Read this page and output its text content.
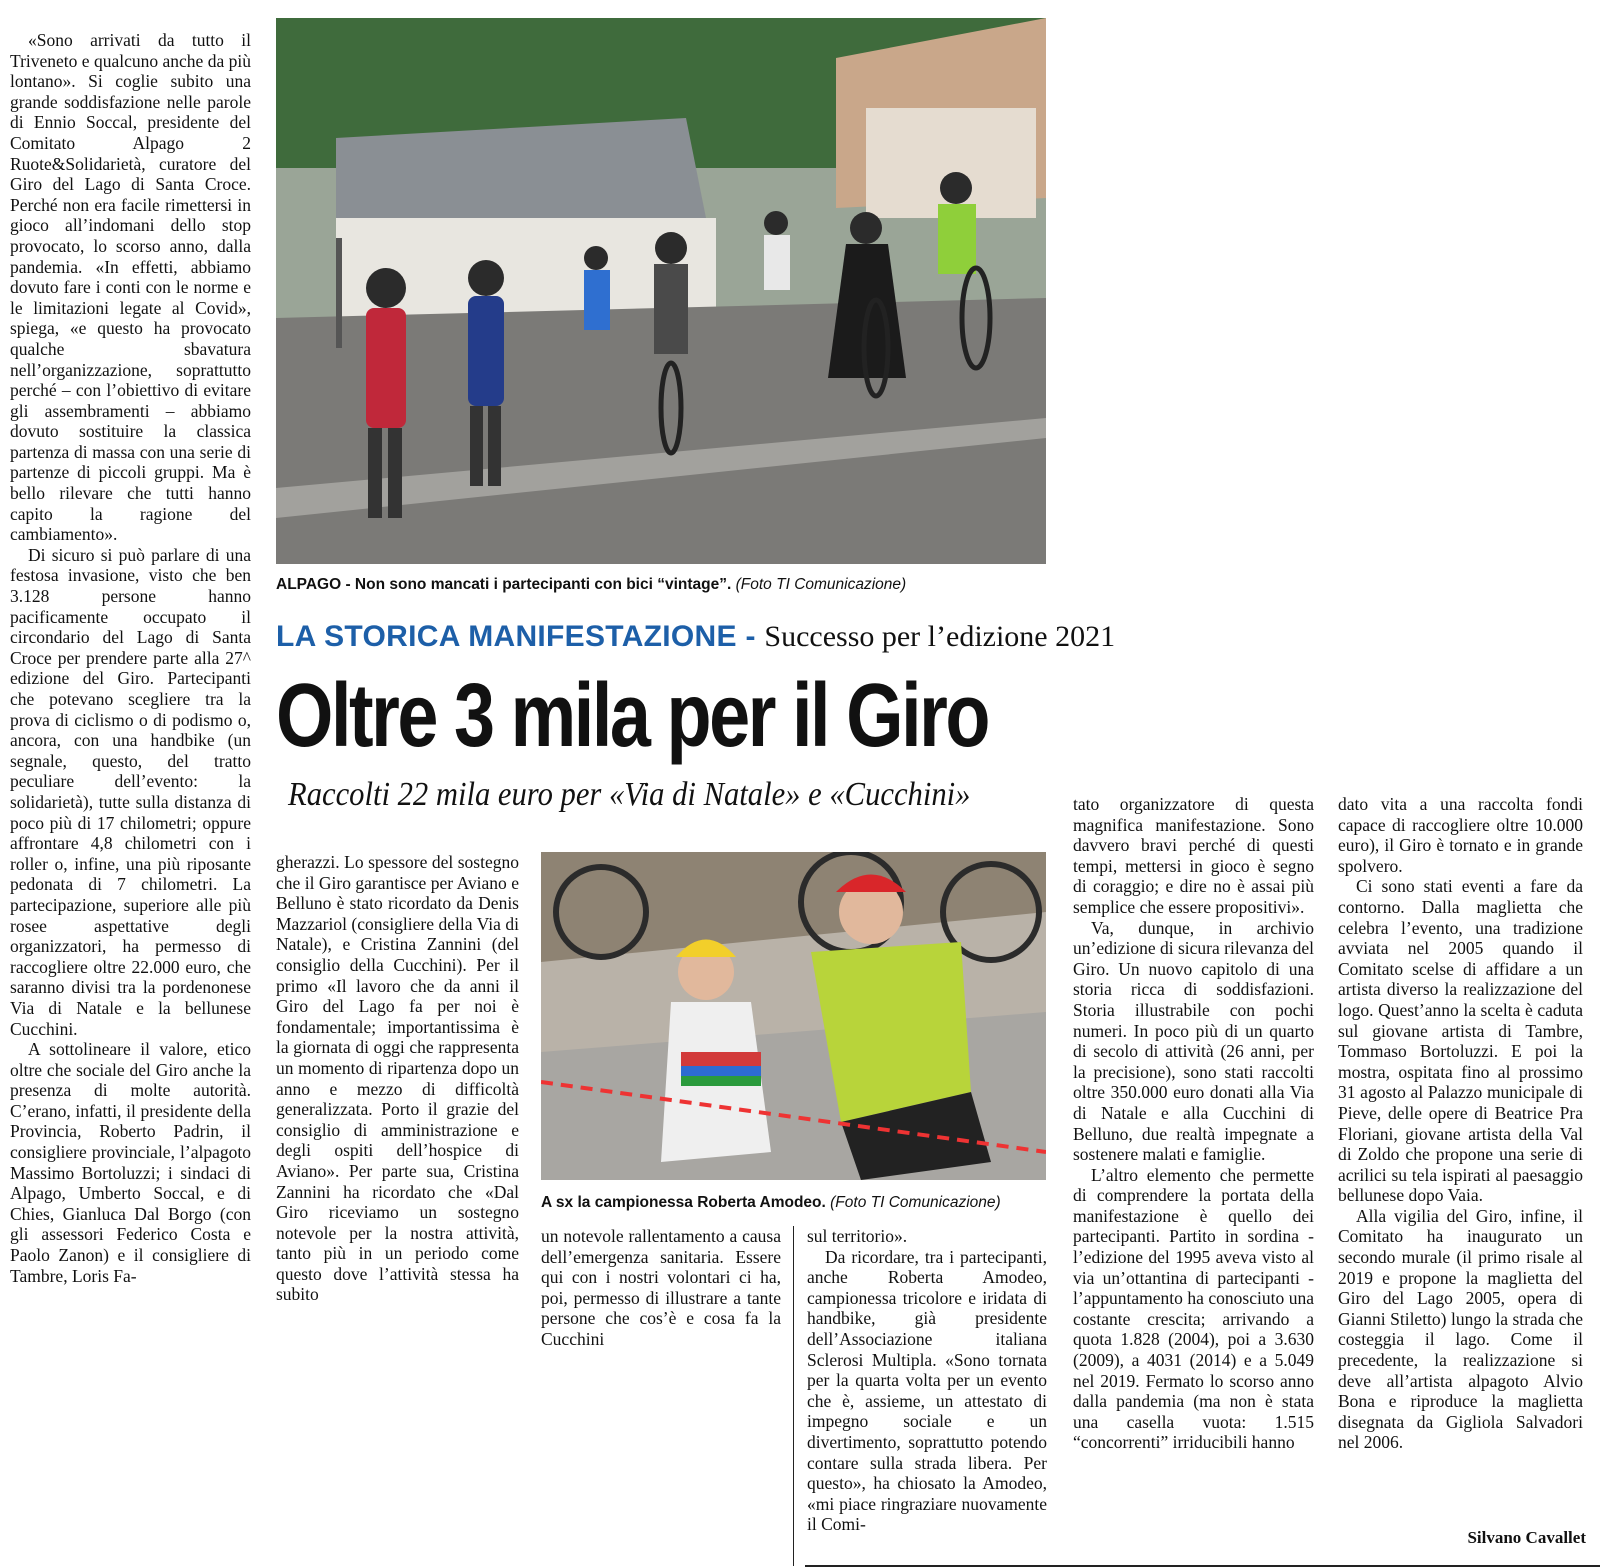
«Sono arrivati da tutto il Triveneto e qualcuno anche da più lontano». Si coglie subito una grande soddisfazione nelle parole di Ennio Soccal, presidente del Comitato Alpago 2 Ruote&Solidarietà, curatore del Giro del Lago di Santa Croce. Perché non era facile rimettersi in gioco all’indomani dello stop provocato, lo scorso anno, dalla pandemia. «In effetti, abbiamo dovuto fare i conti con le norme e le limitazioni legate al Covid», spiega, «e questo ha provocato qualche sbavatura nell’organizzazione, soprattutto perché – con l’obiettivo di evitare gli assembramenti – abbiamo dovuto sostituire la classica partenza di massa con una serie di partenze di piccoli gruppi. Ma è bello rilevare che tutti hanno capito la ragione del cambiamento».

Di sicuro si può parlare di una festosa invasione, visto che ben 3.128 persone hanno pacificamente occupato il circondario del Lago di Santa Croce per prendere parte alla 27^ edizione del Giro. Partecipanti che potevano scegliere tra la prova di ciclismo o di podismo o, ancora, con una handbike (un segnale, questo, del tratto peculiare dell’evento: la solidarietà), tutte sulla distanza di poco più di 17 chilometri; oppure affrontare 4,8 chilometri con i roller o, infine, una più riposante pedonata di 7 chilometri. La partecipazione, superiore alle più rosee aspettative degli organizzatori, ha permesso di raccogliere oltre 22.000 euro, che saranno divisi tra la pordenonese Via di Natale e la bellunese Cucchini.

A sottolineare il valore, etico oltre che sociale del Giro anche la presenza di molte autorità. C’erano, infatti, il presidente della Provincia, Roberto Padrin, il consigliere provinciale, l’alpagoto Massimo Bortoluzzi; i sindaci di Alpago, Umberto Soccal, e di Chies, Gianluca Dal Borgo (con gli assessori Federico Costa e Paolo Zanon) e il consigliere di Tambre, Loris Fa-

ALPAGO - Non sono mancati i partecipanti con bici “vintage”. (Foto TI Comunicazione)
LA STORICA MANIFESTAZIONE - Successo per l’edizione 2021
Oltre 3 mila per il Giro
Raccolti 22 mila euro per «Via di Natale» e «Cucchini»

gherazzi. Lo spessore del sostegno che il Giro garantisce per Aviano e Belluno è stato ricordato da Denis Mazzariol (consigliere della Via di Natale), e Cristina Zannini (del consiglio della Cucchini). Per il primo «Il lavoro che da anni il Giro del Lago fa per noi è fondamentale; importantissima è la giornata di oggi che rappresenta un momento di ripartenza dopo un anno e mezzo di difficoltà generalizzata. Porto il grazie del consiglio di amministrazione e degli ospiti dell’hospice di Aviano». Per parte sua, Cristina Zannini ha ricordato che «Dal Giro riceviamo un sostegno notevole per la nostra attività, tanto più in un periodo come questo dove l’attività stessa ha subito

A sx la campionessa Roberta Amodeo. (Foto TI Comunicazione)

un notevole rallentamento a causa dell’emergenza sanitaria. Essere qui con i nostri volontari ci ha, poi, permesso di illustrare a tante persone che cos’è e cosa fa la Cucchini

sul territorio».

Da ricordare, tra i partecipanti, anche Roberta Amodeo, campionessa tricolore e iridata di handbike, già presidente dell’Associazione italiana Sclerosi Multipla. «Sono tornata per la quarta volta per un evento che è, assieme, un attestato di impegno sociale e un divertimento, soprattutto potendo contare sulla strada libera. Per questo», ha chiosato la Amodeo, «mi piace ringraziare nuovamente il Comi-

tato organizzatore di questa magnifica manifestazione. Sono davvero bravi perché di questi tempi, mettersi in gioco è segno di coraggio; e dire no è assai più semplice che essere propositivi».

Va, dunque, in archivio un’edizione di sicura rilevanza del Giro. Un nuovo capitolo di una storia ricca di soddisfazioni. Storia illustrabile con pochi numeri. In poco più di un quarto di secolo di attività (26 anni, per la precisione), sono stati raccolti oltre 350.000 euro donati alla Via di Natale e alla Cucchini di Belluno, due realtà impegnate a sostenere malati e famiglie.

L’altro elemento che permette di comprendere la portata della manifestazione è quello dei partecipanti. Partito in sordina - l’edizione del 1995 aveva visto al via un’ottantina di partecipanti - l’appuntamento ha conosciuto una costante crescita; arrivando a quota 1.828 (2004), poi a 3.630 (2009), a 4031 (2014) e a 5.049 nel 2019. Fermato lo scorso anno dalla pandemia (ma non è stata una casella vuota: 1.515 “concorrenti” irriducibili hanno

dato vita a una raccolta fondi capace di raccogliere oltre 10.000 euro), il Giro è tornato e in grande spolvero.

Ci sono stati eventi a fare da contorno. Dalla maglietta che celebra l’evento, una tradizione avviata nel 2005 quando il Comitato scelse di affidare a un artista diverso la realizzazione del logo. Quest’anno la scelta è caduta sul giovane artista di Tambre, Tommaso Bortoluzzi. E poi la mostra, ospitata fino al prossimo 31 agosto al Palazzo municipale di Pieve, delle opere di Beatrice Pra Floriani, giovane artista della Val di Zoldo che propone una serie di acrilici su tela ispirati al paesaggio bellunese dopo Vaia.

Alla vigilia del Giro, infine, il Comitato ha inaugurato un secondo murale (il primo risale al 2019 e propone la maglietta del Giro del Lago 2005, opera di Gianni Stiletto) lungo la strada che costeggia il lago. Come il precedente, la realizzazione si deve all’artista alpagoto Alvio Bona e riproduce la maglietta disegnata da Gigliola Salvadori nel 2006.

Silvano Cavallet
